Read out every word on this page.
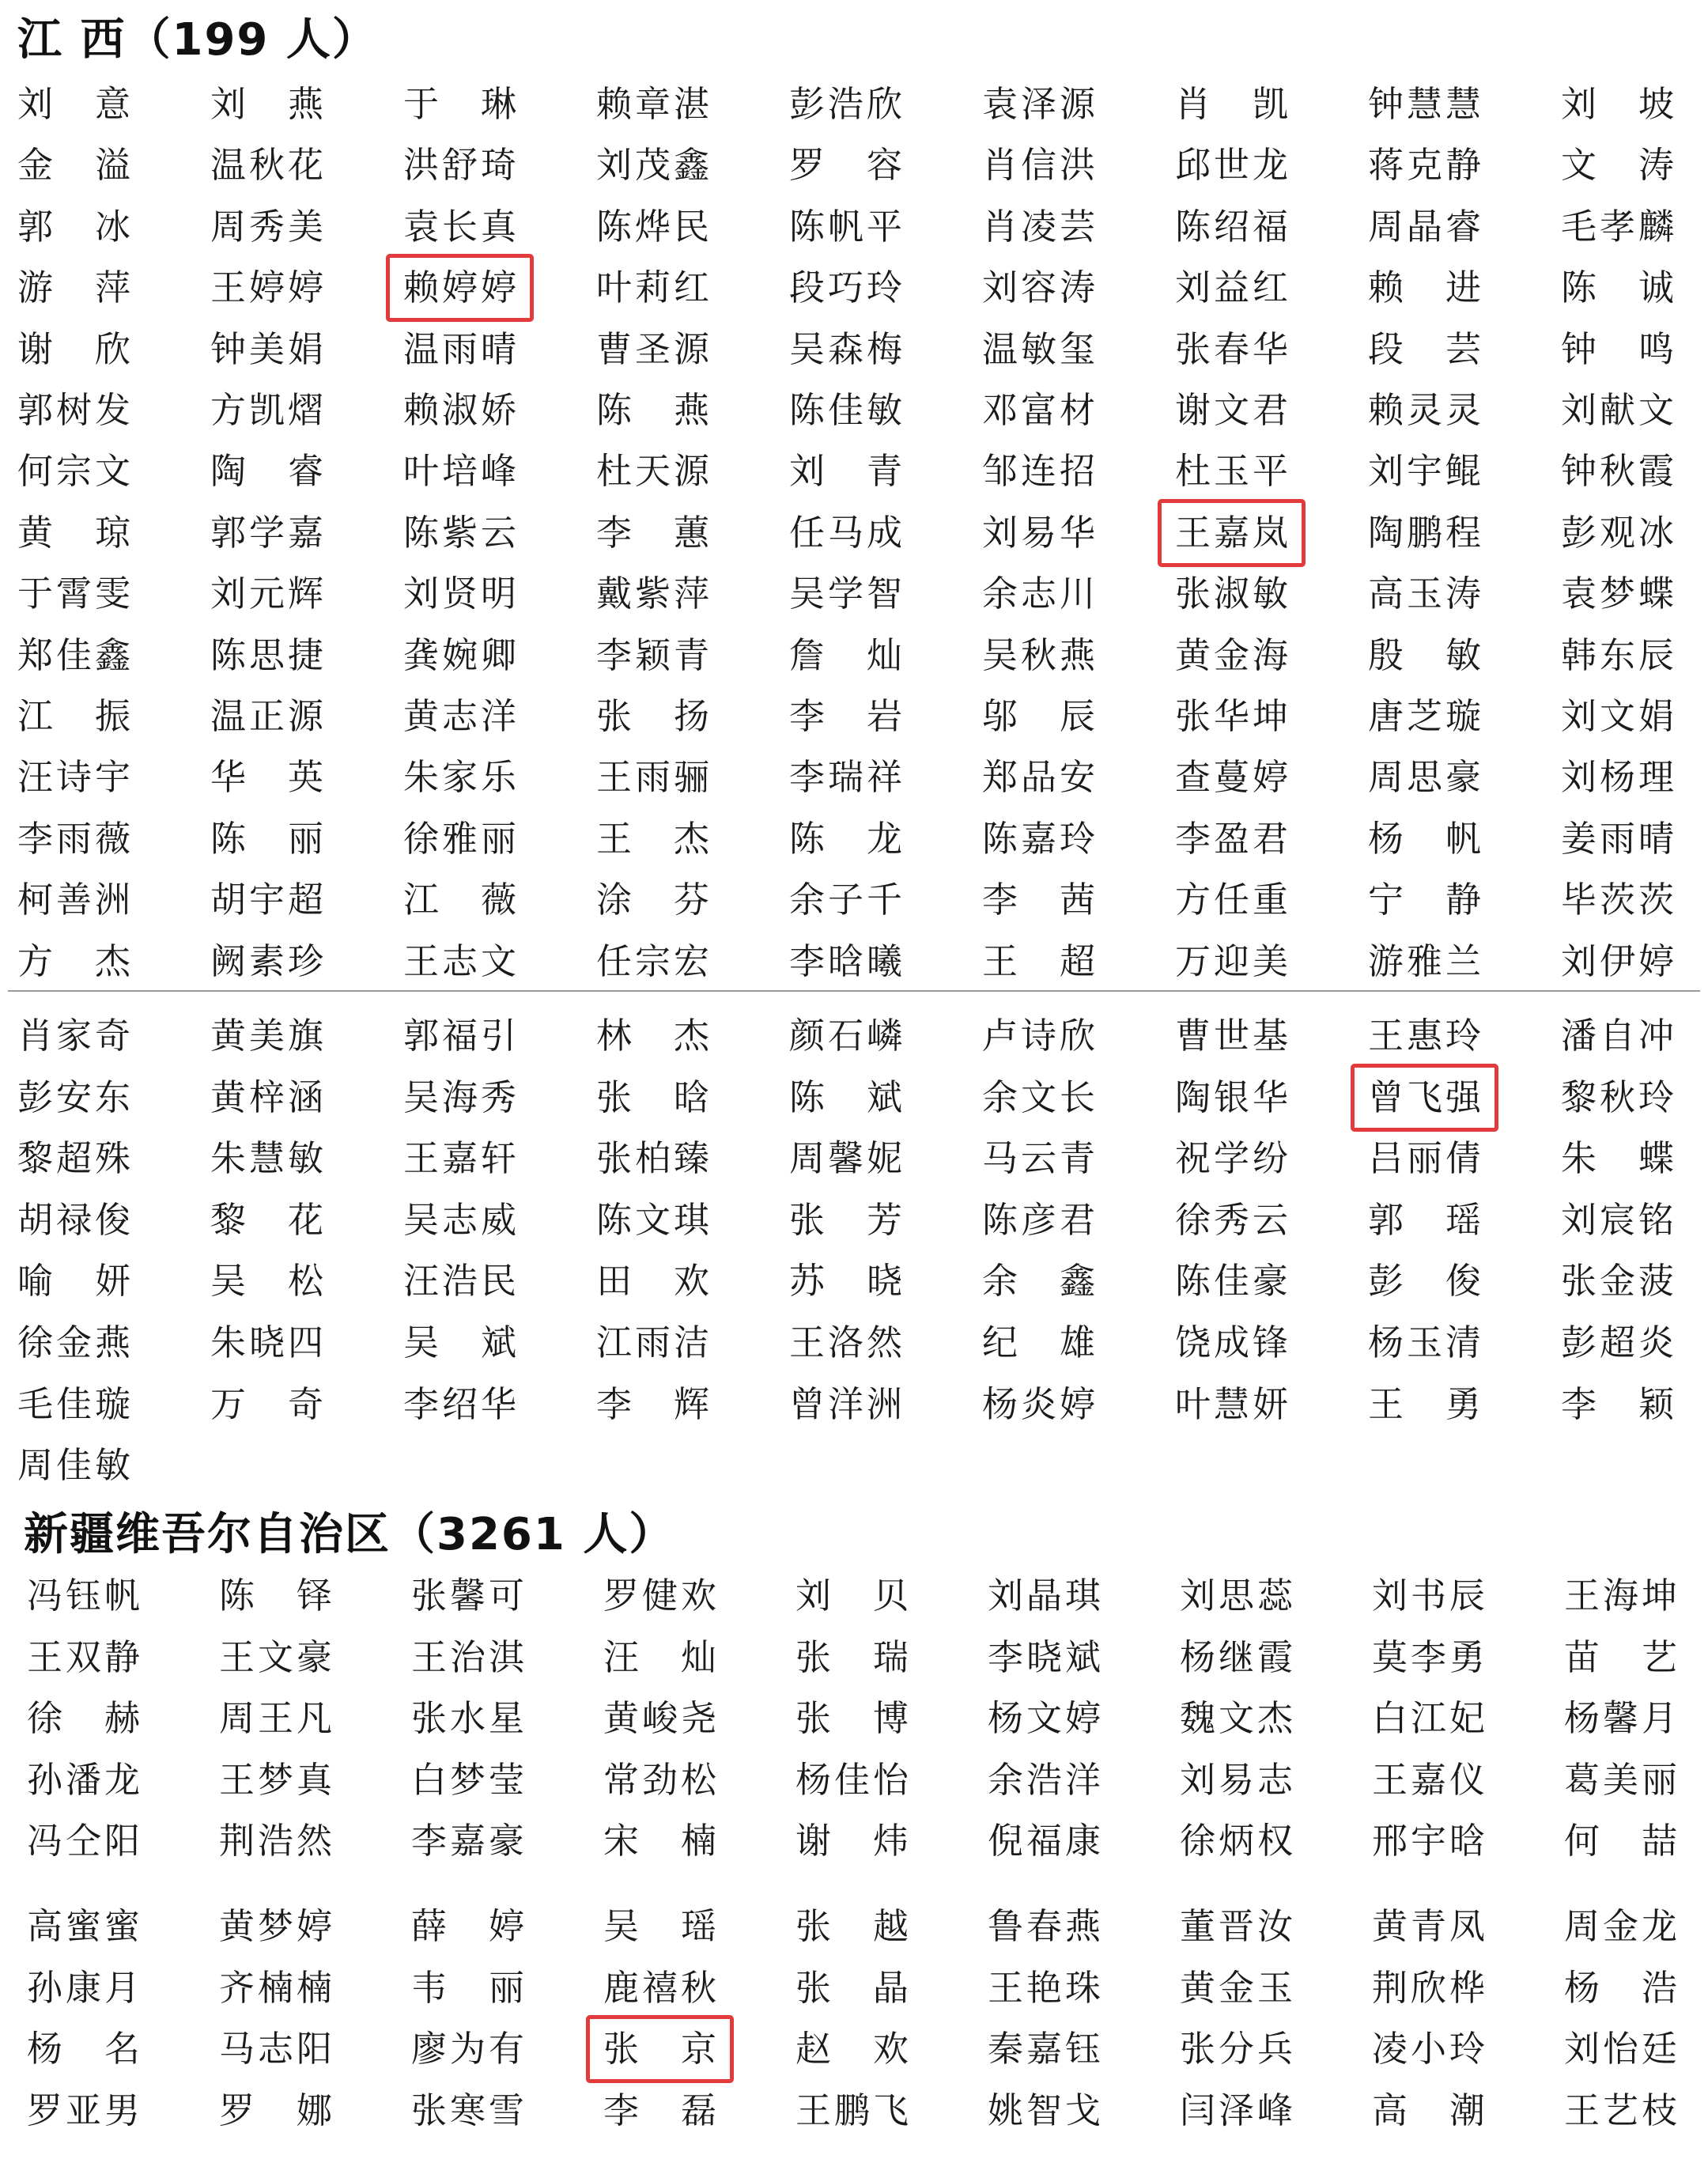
江 西（199 人）
刘　意 刘　燕 于　琳 赖章湛 彭浩欣 袁泽源 肖　凯 钟慧慧 刘　坡
金　溢 温秋花 洪舒琦 刘茂鑫 罗　容 肖信洪 邱世龙 蒋克静 文　涛
郭　冰 周秀美 袁长真 陈烨民 陈帆平 肖凌芸 陈绍福 周晶睿 毛孝麟
游　萍 王婷婷 赖婷婷 叶莉红 段巧玲 刘容涛 刘益红 赖　进 陈　诚
谢　欣 钟美娟 温雨晴 曹圣源 吴森梅 温敏玺 张春华 段　芸 钟　鸣
郭树发 方凯熠 赖淑娇 陈　燕 陈佳敏 邓富材 谢文君 赖灵灵 刘献文
何宗文 陶　睿 叶培峰 杜天源 刘　青 邹连招 杜玉平 刘宇鲲 钟秋霞
黄　琼 郭学嘉 陈紫云 李　蕙 任马成 刘易华 王嘉岚 陶鹏程 彭观冰
于霄雯 刘元辉 刘贤明 戴紫萍 吴学智 余志川 张淑敏 高玉涛 袁梦蝶
郑佳鑫 陈思捷 龚婉卿 李颖青 詹　灿 吴秋燕 黄金海 殷　敏 韩东辰
江　振 温正源 黄志洋 张　扬 李　岩 邬　辰 张华坤 唐芝璇 刘文娟
汪诗宇 华　英 朱家乐 王雨骊 李瑞祥 郑品安 查蔓婷 周思豪 刘杨理
李雨薇 陈　丽 徐雅丽 王　杰 陈　龙 陈嘉玲 李盈君 杨　帆 姜雨晴
柯善洲 胡宇超 江　薇 涂　芬 余子千 李　茜 方任重 宁　静 毕茨茨
方　杰 阙素珍 王志文 任宗宏 李晗曦 王　超 万迎美 游雅兰 刘伊婷
肖家奇 黄美旗 郭福引 林　杰 颜石嶙 卢诗欣 曹世基 王惠玲 潘自冲
彭安东 黄梓涵 吴海秀 张　晗 陈　斌 余文长 陶银华 曾飞强 黎秋玲
黎超殊 朱慧敏 王嘉轩 张柏臻 周馨妮 马云青 祝学纷 吕丽倩 朱　蝶
胡禄俊 黎　花 吴志威 陈文琪 张　芳 陈彦君 徐秀云 郭　瑶 刘宸铭
喻　妍 吴　松 汪浩民 田　欢 苏　晓 余　鑫 陈佳豪 彭　俊 张金菠
徐金燕 朱晓四 吴　斌 江雨洁 王洛然 纪　雄 饶成锋 杨玉清 彭超炎
毛佳璇 万　奇 李绍华 李　辉 曾洋洲 杨炎婷 叶慧妍 王　勇 李　颖
周佳敏
新疆维吾尔自治区（3261 人）
冯钰帆 陈　铎 张馨可 罗健欢 刘　贝 刘晶琪 刘思蕊 刘书辰 王海坤
王双静 王文豪 王治淇 汪　灿 张　瑞 李晓斌 杨继霞 莫李勇 苗　艺
徐　赫 周王凡 张水星 黄峻尧 张　博 杨文婷 魏文杰 白江妃 杨馨月
孙潘龙 王梦真 白梦莹 常劲松 杨佳怡 余浩洋 刘易志 王嘉仪 葛美丽
冯仝阳 荆浩然 李嘉豪 宋　楠 谢　炜 倪福康 徐炳权 邢宇晗 何　喆
高蜜蜜 黄梦婷 薛　婷 吴　瑶 张　越 鲁春燕 董晋汝 黄青凤 周金龙
孙康月 齐楠楠 韦　丽 鹿禧秋 张　晶 王艳珠 黄金玉 荆欣桦 杨　浩
杨　名 马志阳 廖为有 张　京 赵　欢 秦嘉钰 张分兵 凌小玲 刘怡廷
罗亚男 罗　娜 张寒雪 李　磊 王鹏飞 姚智戈 闫泽峰 高　潮 王艺枝
